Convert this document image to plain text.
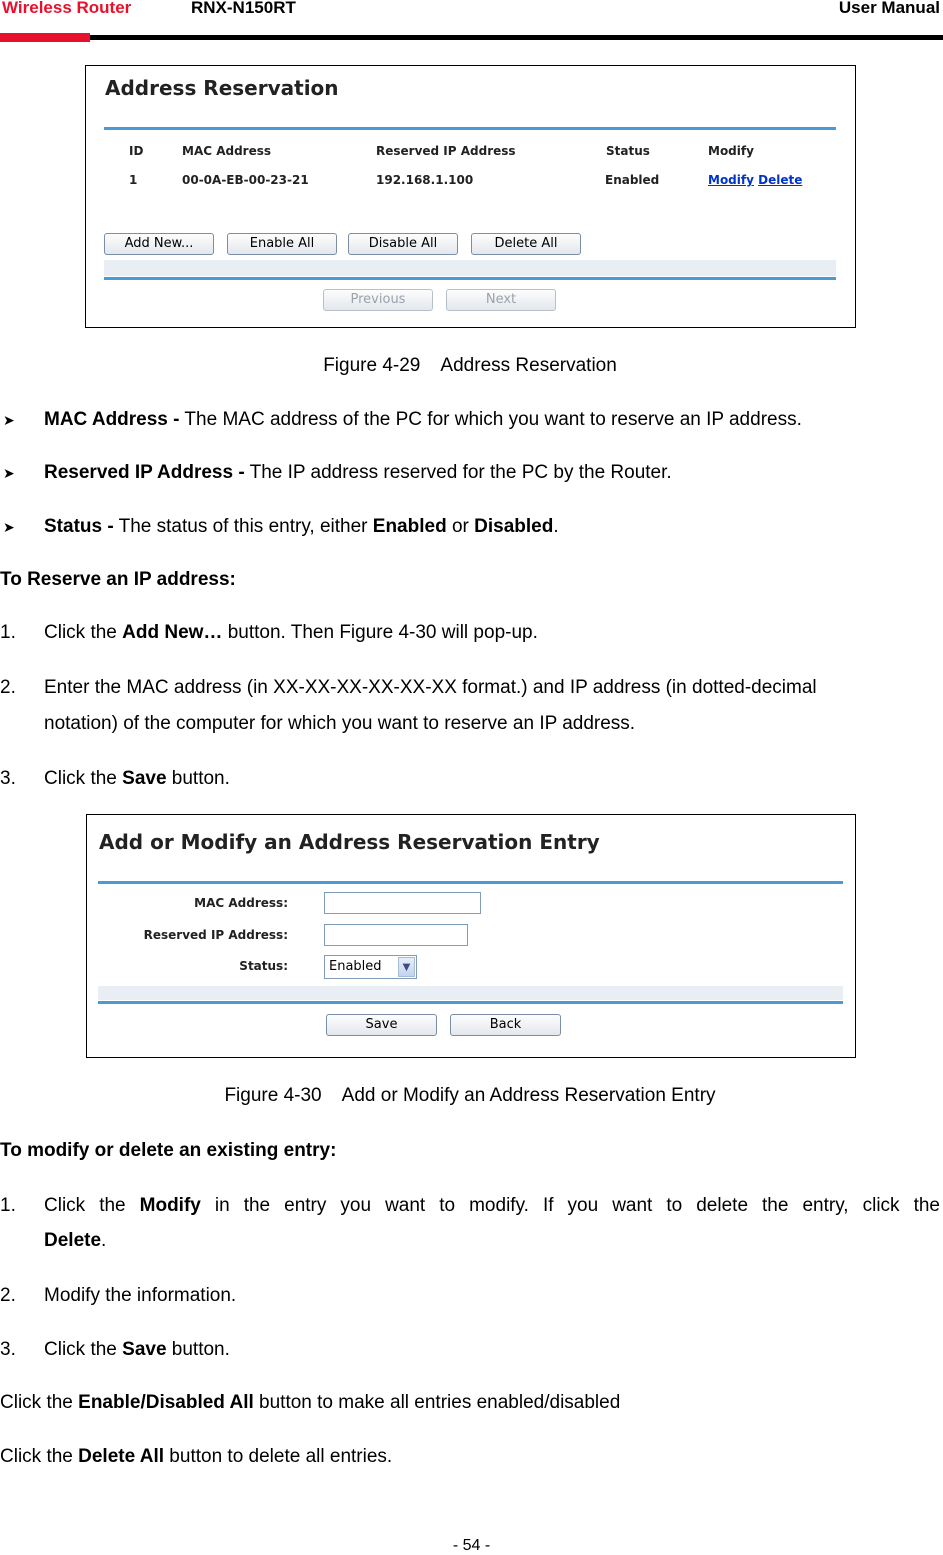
Wireless Router	RNX-N150RT	User Manual
Address Reservation
ID	MAC Address	Reserved IP Address	Status	Modify
1	00-0A-EB-00-23-21	192.168.1.100	Enabled	Modify Delete
Add New...	Enable All	Disable All	Delete All
Previous	Next
Figure 4-29    Address Reservation
➤ MAC Address - The MAC address of the PC for which you want to reserve an IP address.
➤ Reserved IP Address - The IP address reserved for the PC by the Router.
➤ Status - The status of this entry, either Enabled or Disabled.
To Reserve an IP address:
1. Click the Add New… button. Then Figure 4-30 will pop-up.
2. Enter the MAC address (in XX-XX-XX-XX-XX-XX format.) and IP address (in dotted-decimal
notation) of the computer for which you want to reserve an IP address.
3. Click the Save button.
Add or Modify an Address Reservation Entry
MAC Address:
Reserved IP Address:
Status:	Enabled	▼
Save	Back
Figure 4-30    Add or Modify an Address Reservation Entry
To modify or delete an existing entry:
1. Click the Modify in the entry you want to modify. If you want to delete the entry, click the
Delete.
2. Modify the information.
3. Click the Save button.
Click the Enable/Disabled All button to make all entries enabled/disabled
Click the Delete All button to delete all entries.
- 54 -
